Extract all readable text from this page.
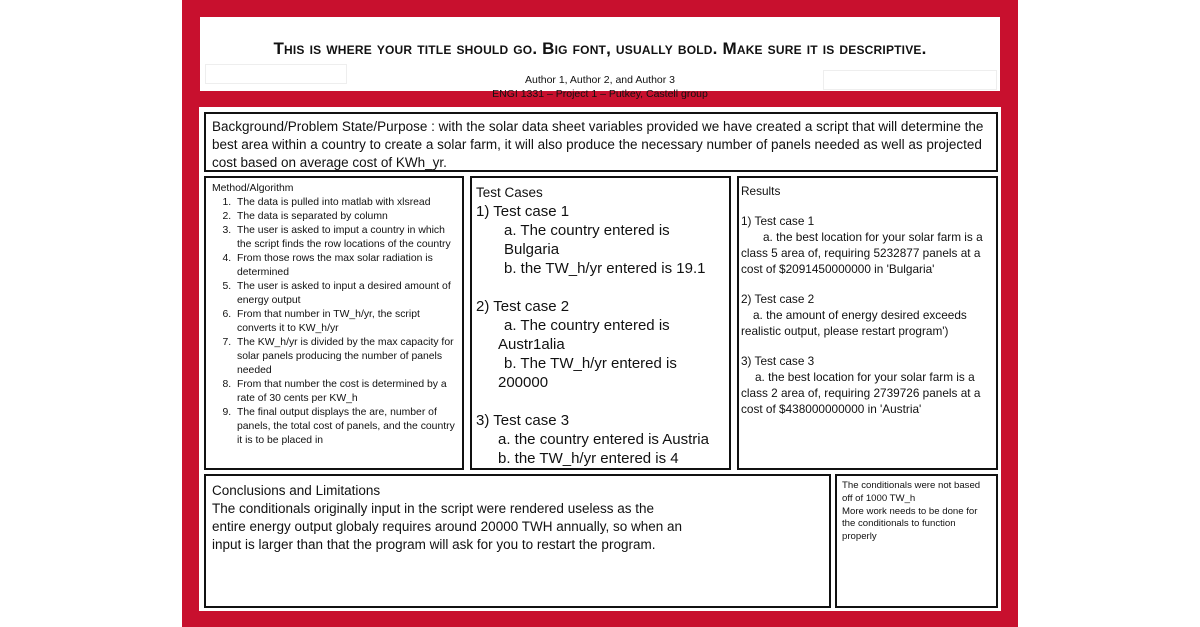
This is where your title should go. Big font, usually bold. Make sure it is descriptive.
Author 1, Author 2, and Author 3
ENGI 1331 – Project 1 – Putkey, Castell group
Background/Problem State/Purpose : with the solar data sheet variables provided we have created a script that will determine the best area within a country to create a solar farm, it will also produce the necessary number of panels needed as well as projected cost based on average cost of KWh_yr.
Method/Algorithm
1. The data is pulled into matlab with xlsread
2. The data is separated by column
3. The user is asked to imput a country in which the script finds the row locations of the country
4. From those rows the max solar radiation is determined
5. The user is asked to input a desired amount of energy output
6. From that number in TW_h/yr, the script converts it to KW_h/yr
7. The KW_h/yr is divided by the max capacity for solar panels producing the number of panels needed
8. From that number the cost is determined by a rate of 30 cents per KW_h
9. The final output displays the are, number of panels, the total cost of panels, and the country it is to be placed in
Test Cases
1) Test case 1
a. The country entered is Bulgaria
b. the TW_h/yr entered is 19.1
2) Test case 2
a. The country entered is
Austr1alia
b. The TW_h/yr entered is
200000
3) Test case 3
a. the country entered is Austria
b. the TW_h/yr entered is 4
Results
1) Test case 1
a. the best location for your solar farm is a class 5 area of, requiring 5232877 panels at a cost of $2091450000000 in 'Bulgaria'
2) Test case 2
a. the amount of energy desired exceeds realistic output, please restart program')
3) Test case 3
a. the best location for your solar farm is a class 2 area of, requiring 2739726 panels at a cost of $438000000000 in 'Austria'
Conclusions and Limitations
The conditionals originally input in the script were rendered useless as the entire energy output globaly requires around 20000 TWH annually, so when an input is larger than that the program will ask for you to restart the program.
The conditionals were not based off of 1000 TW_h
More work needs to be done for the conditionals to function properly
